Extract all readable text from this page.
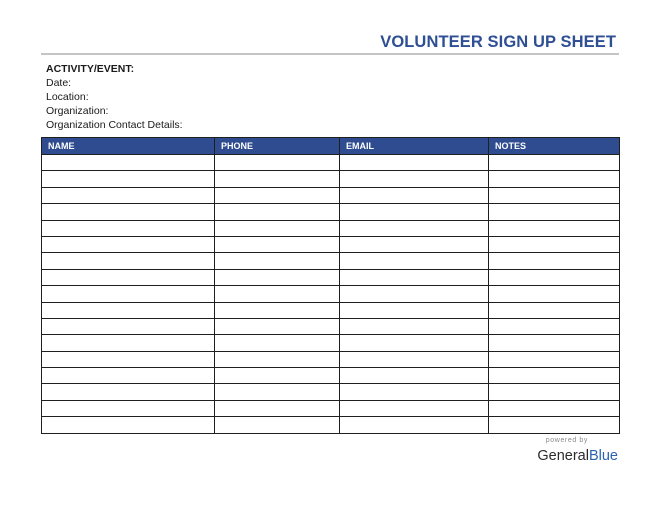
VOLUNTEER SIGN UP SHEET
ACTIVITY/EVENT:
Date:
Location:
Organization:
Organization Contact Details:
NAME	PHONE	EMAIL	NOTES

powered by
GeneralBlue
